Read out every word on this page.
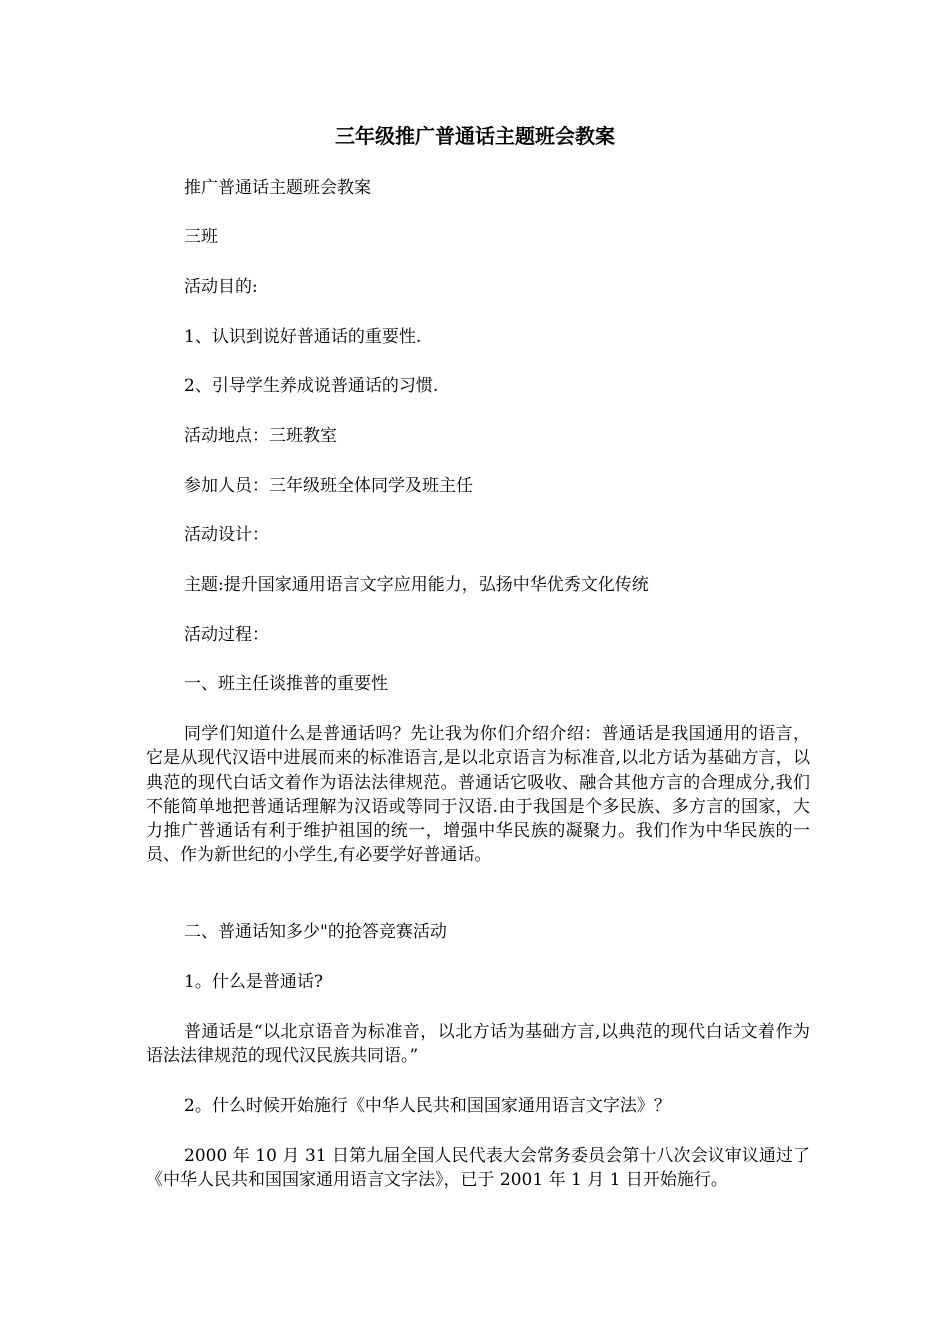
三年级推广普通话主题班会教案

推广普通话主题班会教案

三班

活动目的:

1、认识到说好普通话的重要性.

2、引导学生养成说普通话的习惯.

活动地点：三班教室

参加人员：三年级班全体同学及班主任

活动设计：

主题:提升国家通用语言文字应用能力，弘扬中华优秀文化传统

活动过程：

一、班主任谈推普的重要性

同学们知道什么是普通话吗？先让我为你们介绍介绍：普通话是我国通用的语言，它是从现代汉语中进展而来的标准语言,是以北京语言为标准音,以北方话为基础方言，以典范的现代白话文着作为语法法律规范。普通话它吸收、融合其他方言的合理成分,我们不能简单地把普通话理解为汉语或等同于汉语.由于我国是个多民族、多方言的国家，大力推广普通话有利于维护祖国的统一，增强中华民族的凝聚力。我们作为中华民族的一员、作为新世纪的小学生,有必要学好普通话。

二、普通话知多少"的抢答竞赛活动

1。什么是普通话?

普通话是“以北京语音为标准音，以北方话为基础方言,以典范的现代白话文着作为语法法律规范的现代汉民族共同语。”

2。什么时候开始施行《中华人民共和国国家通用语言文字法》？

2000 年 10 月 31 日第九届全国人民代表大会常务委员会第十八次会议审议通过了《中华人民共和国国家通用语言文字法》，已于 2001 年 1 月 1 日开始施行。
